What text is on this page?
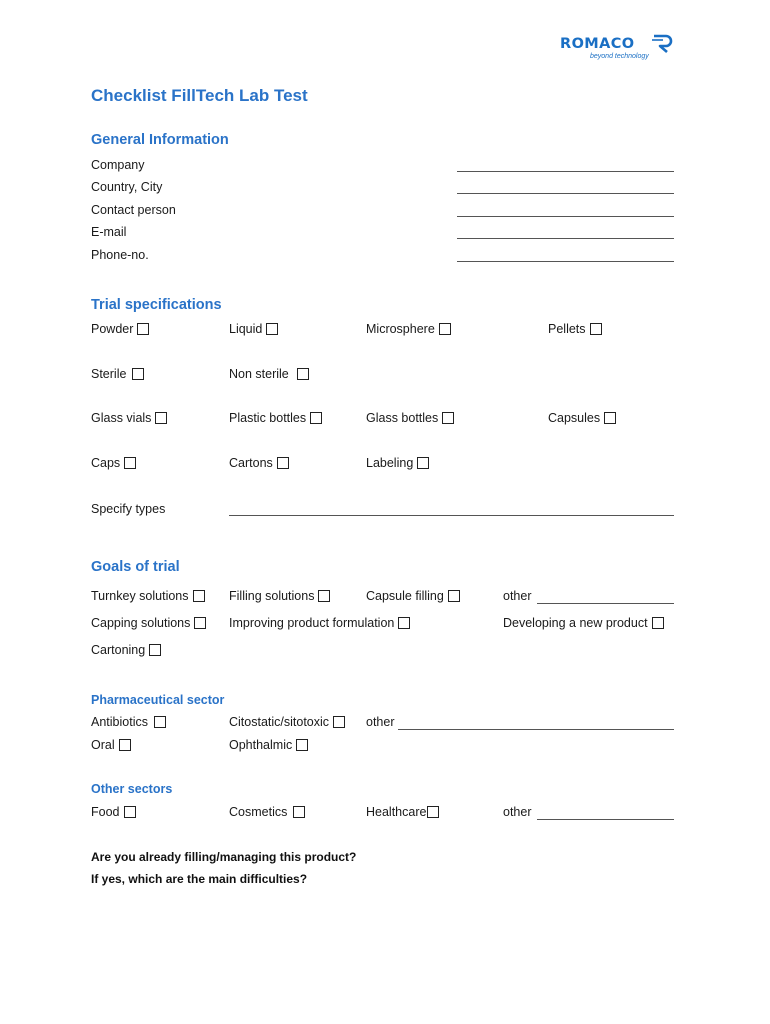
ROMACO
beyond technology
Checklist FillTech Lab Test
General Information
Company
Country, City
Contact person
E-mail
Phone-no.
Trial specifications
Powder	Liquid	Microsphere	Pellets
Sterile	Non sterile
Glass vials	Plastic bottles	Glass bottles	Capsules
Caps	Cartons	Labeling
Specify types
Goals of trial
Turnkey solutions	Filling solutions	Capsule filling	other
Capping solutions	Improving product formulation	Developing a new product
Cartoning
Pharmaceutical sector
Antibiotics	Citostatic/sitotoxic	other
Oral	Ophthalmic
Other sectors
Food	Cosmetics	Healthcare	other
Are you already filling/managing this product?
If yes, which are the main difficulties?
